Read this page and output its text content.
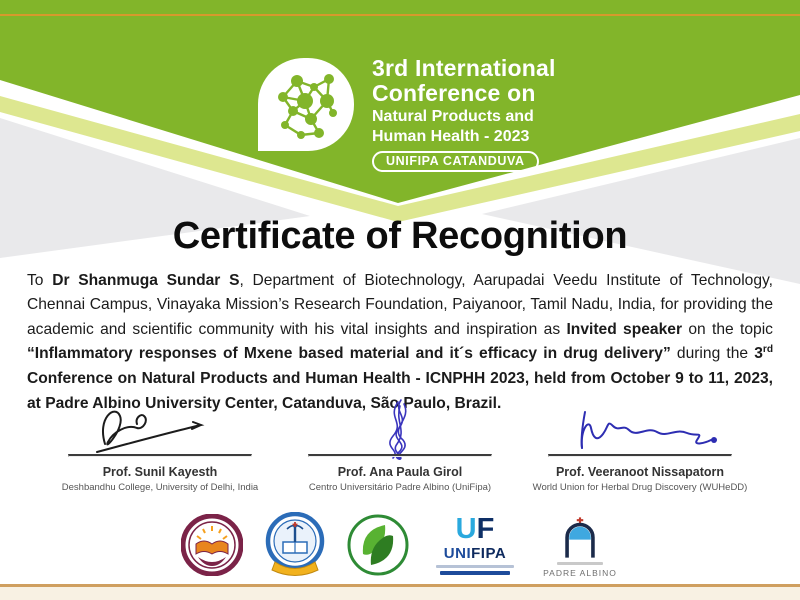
3rd International
Conference on
Natural Products and
Human Health - 2023
UNIFIPA CATANDUVA
Certificate of Recognition

To Dr Shanmuga Sundar S, Department of Biotechnology, Aarupadai Veedu Institute of Technology, Chennai Campus, Vinayaka Mission’s Research Foundation, Paiyanoor, Tamil Nadu, India, for providing the academic and scientific community with his vital insights and inspiration as Invited speaker on the topic “Inflammatory responses of Mxene based material and it´s efficacy in drug delivery” during the 3rd Conference on Natural Products and Human Health - ICNPHH 2023, held from October 9 to 11, 2023, at Padre Albino University Center, Catanduva, São Paulo, Brazil.

Prof. Sunil Kayesth
Deshbandhu College, University of Delhi, India
Prof. Ana Paula Girol
Centro Universitário Padre Albino (UniFipa)
Prof. Veeranoot Nissapatorn
World Union for Herbal Drug Discovery (WUHeDD)
UF
UNIFIPA
PADRE ALBINO
